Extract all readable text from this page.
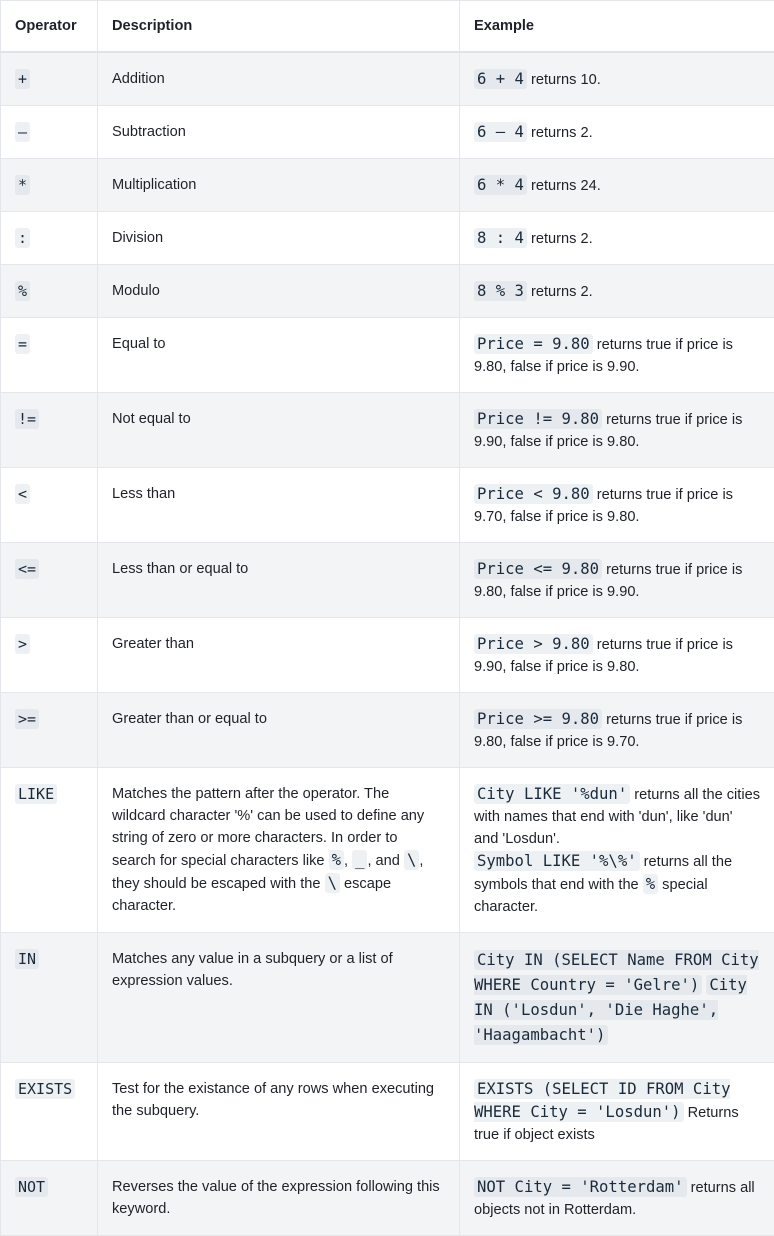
Operator	Description	Example
+	Addition	6 + 4 returns 10.
–	Subtraction	6 – 4 returns 2.
*	Multiplication	6 * 4 returns 24.
:	Division	8 : 4 returns 2.
%	Modulo	8 % 3 returns 2.
=	Equal to	Price = 9.80 returns true if price is 9.80, false if price is 9.90.
!=	Not equal to	Price != 9.80 returns true if price is 9.90, false if price is 9.80.
<	Less than	Price < 9.80 returns true if price is 9.70, false if price is 9.80.
<=	Less than or equal to	Price <= 9.80 returns true if price is 9.80, false if price is 9.90.
>	Greater than	Price > 9.80 returns true if price is 9.90, false if price is 9.80.
>=	Greater than or equal to	Price >= 9.80 returns true if price is 9.80, false if price is 9.70.
LIKE	Matches the pattern after the operator. The wildcard character '%' can be used to define any string of zero or more characters. In order to search for special characters like % , _ , and \ , they should be escaped with the \ escape character.	City LIKE '%dun' returns all the cities with names that end with 'dun', like 'dun' and 'Losdun'.
Symbol LIKE '%\%' returns all the symbols that end with the % special character.
IN	Matches any value in a subquery or a list of expression values.	City IN (SELECT Name FROM City WHERE Country = 'Gelre') City IN ('Losdun', 'Die Haghe', 'Haagambacht')
EXISTS	Test for the existance of any rows when executing the subquery.	EXISTS (SELECT ID FROM City WHERE City = 'Losdun') Returns true if object exists
NOT	Reverses the value of the expression following this keyword.	NOT City = 'Rotterdam' returns all objects not in Rotterdam.
